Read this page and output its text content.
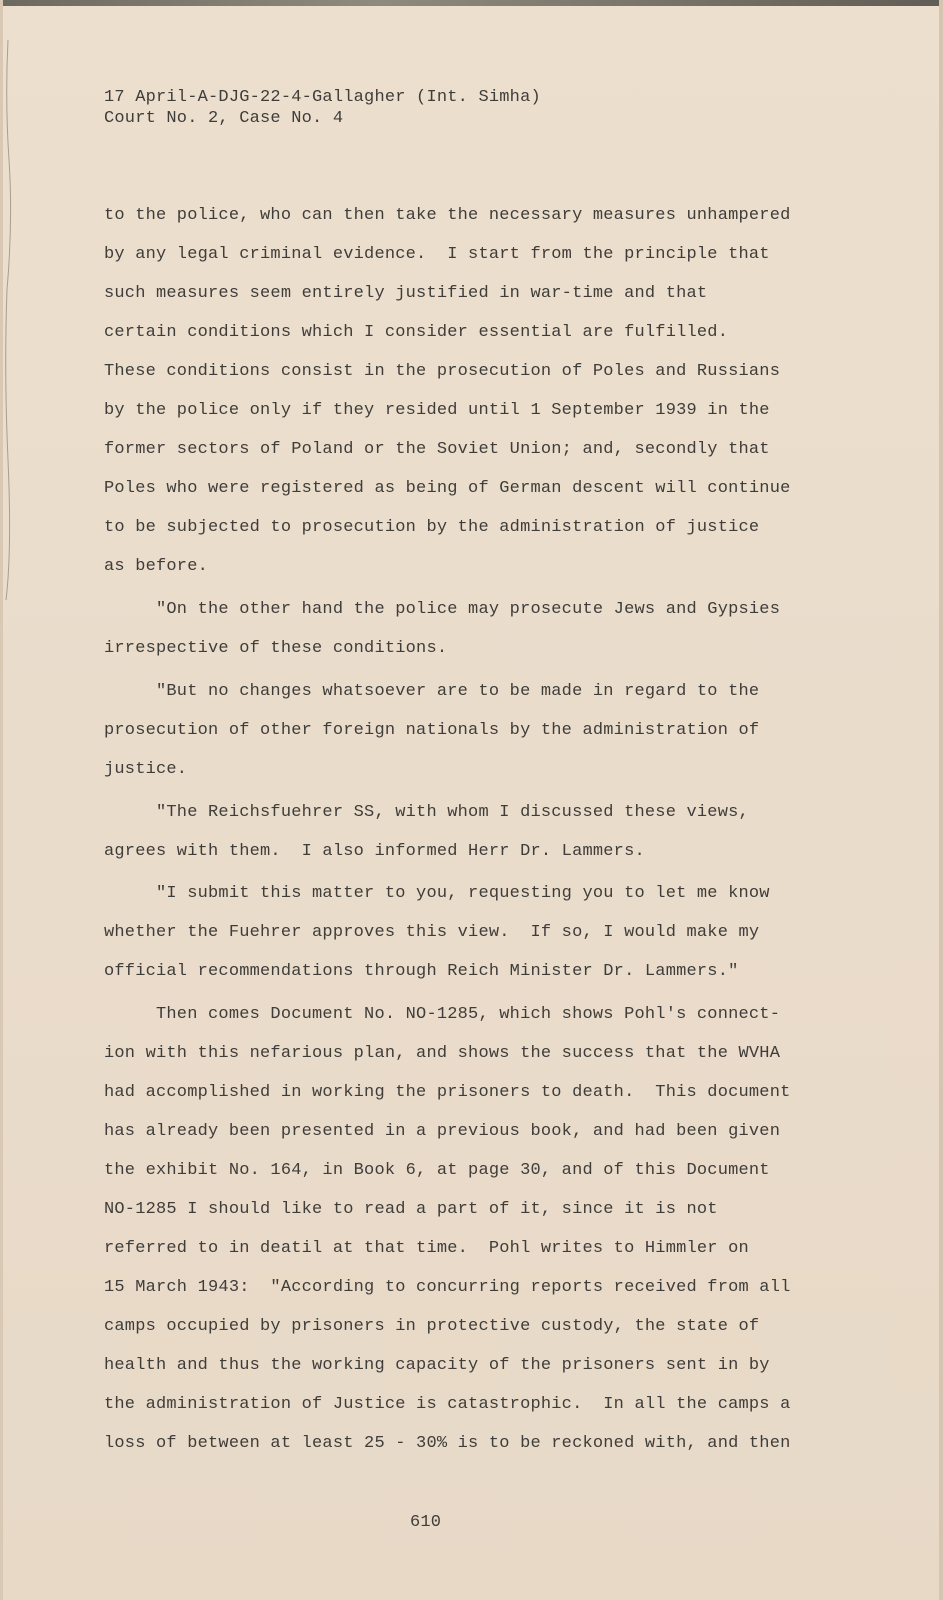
17 April-A-DJG-22-4-Gallagher (Int. Simha)

Court No. 2, Case No. 4

to the police, who can then take the necessary measures unhampered

by any legal criminal evidence.  I start from the principle that

such measures seem entirely justified in war-time and that

certain conditions which I consider essential are fulfilled.

These conditions consist in the prosecution of Poles and Russians

by the police only if they resided until 1 September 1939 in the

former sectors of Poland or the Soviet Union; and, secondly that

Poles who were registered as being of German descent will continue

to be subjected to prosecution by the administration of justice

as before.

"On the other hand the police may prosecute Jews and Gypsies

irrespective of these conditions.

"But no changes whatsoever are to be made in regard to the

prosecution of other foreign nationals by the administration of

justice.

"The Reichsfuehrer SS, with whom I discussed these views,

agrees with them.  I also informed Herr Dr. Lammers.

"I submit this matter to you, requesting you to let me know

whether the Fuehrer approves this view.  If so, I would make my

official recommendations through Reich Minister Dr. Lammers."

Then comes Document No. NO-1285, which shows Pohl's connect-

ion with this nefarious plan, and shows the success that the WVHA

had accomplished in working the prisoners to death.  This document

has already been presented in a previous book, and had been given

the exhibit No. 164, in Book 6, at page 30, and of this Document

NO-1285 I should like to read a part of it, since it is not

referred to in deatil at that time.  Pohl writes to Himmler on

15 March 1943:  "According to concurring reports received from all

camps occupied by prisoners in protective custody, the state of

health and thus the working capacity of the prisoners sent in by

the administration of Justice is catastrophic.  In all the camps a

loss of between at least 25 - 30% is to be reckoned with, and then

610
